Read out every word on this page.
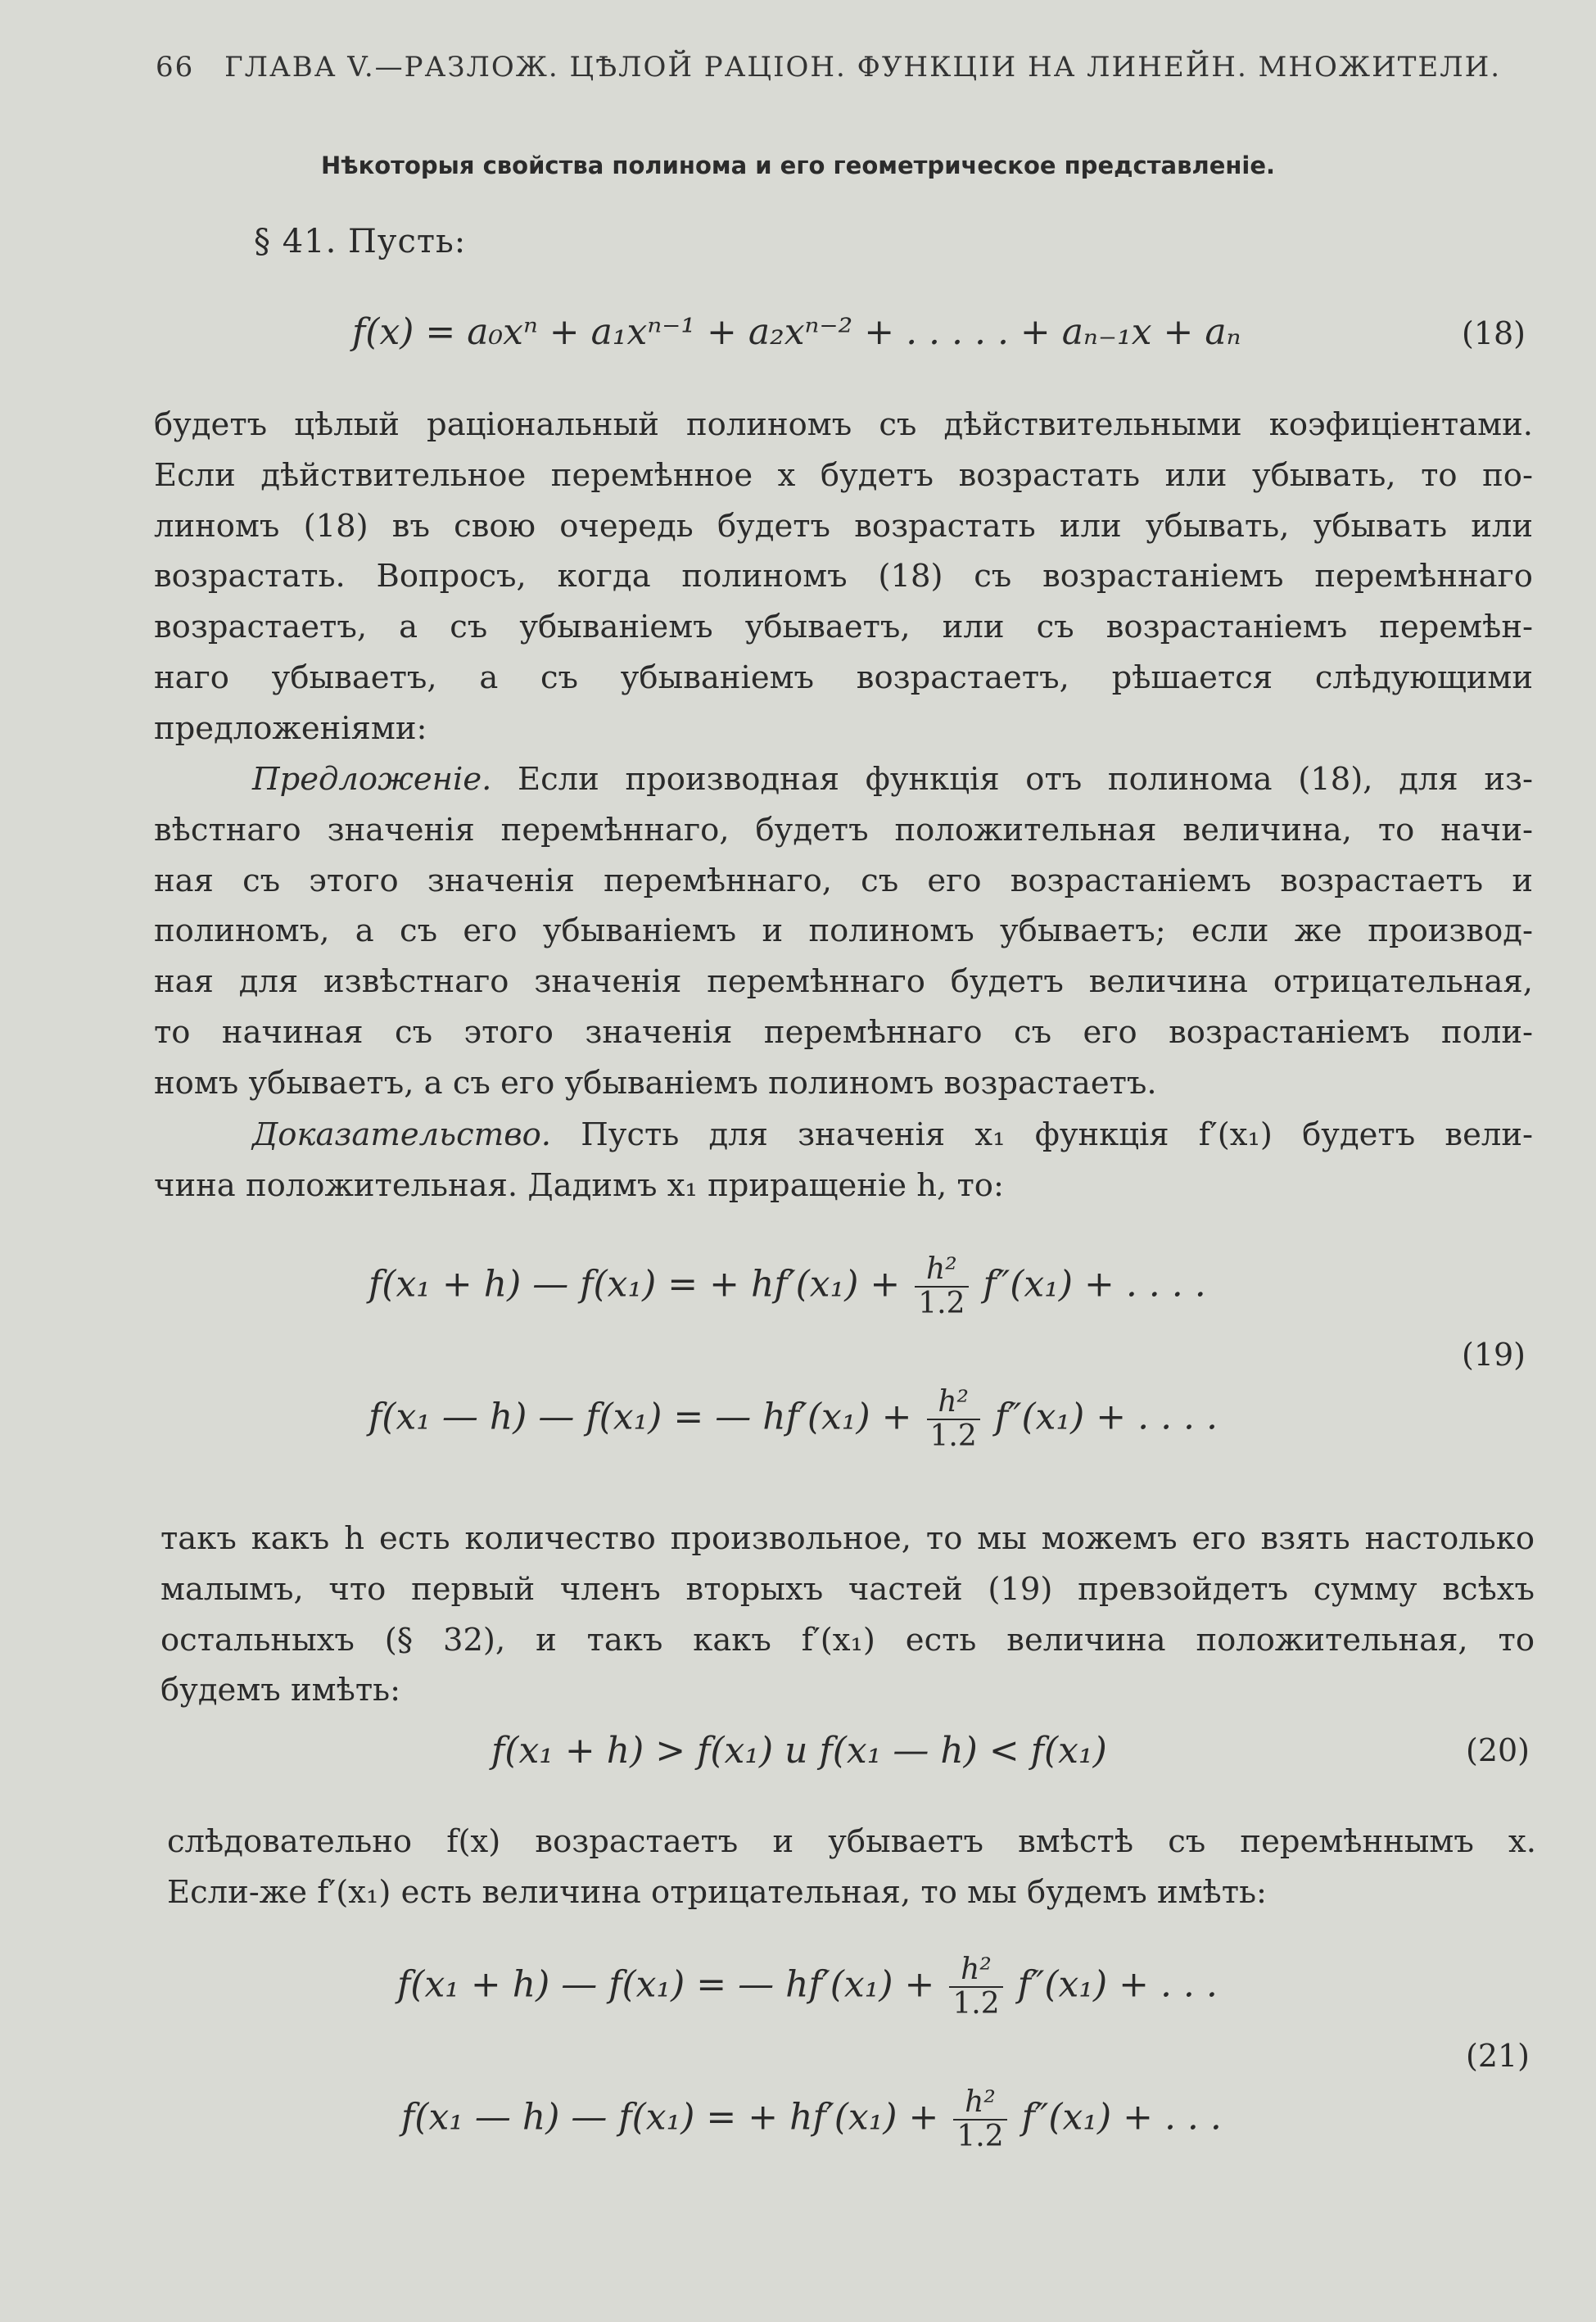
66 ГЛАВА V.—РАЗЛОЖ. ЦѢЛОЙ РАЦІОН. ФУНКЦІИ НА ЛИНЕЙН. МНОЖИТЕЛИ.
Нѣкоторыя свойства полинома и его геометрическое представленіе.
§ 41. Пусть:
f(x) = a₀xⁿ + a₁xⁿ⁻¹ + a₂xⁿ⁻² + . . . . . + aₙ₋₁x + aₙ	(18)
будетъ цѣлый раціональный полиномъ съ дѣйствительными коэфиціентами.
Если дѣйствительное перемѣнное x будетъ возрастать или убывать, то по-
линомъ (18) въ свою очередь будетъ возрастать или убывать, убывать или
возрастать. Вопросъ, когда полиномъ (18) съ возрастаніемъ перемѣннаго
возрастаетъ, а съ убываніемъ убываетъ, или съ возрастаніемъ перемѣн-
наго убываетъ, а съ убываніемъ возрастаетъ, рѣшается слѣдующими
предложеніями:
Предложеніе. Если производная функція отъ полинома (18), для из-
вѣстнаго значенія перемѣннаго, будетъ положительная величина, то начи-
ная съ этого значенія перемѣннаго, съ его возрастаніемъ возрастаетъ и
полиномъ, а съ его убываніемъ и полиномъ убываетъ; если же производ-
ная для извѣстнаго значенія перемѣннаго будетъ величина отрицательная,
то начиная съ этого значенія перемѣннаго съ его возрастаніемъ поли-
номъ убываетъ, а съ его убываніемъ полиномъ возрастаетъ.
Доказательство. Пусть для значенія x₁ функція f′(x₁) будетъ вели-
чина положительная. Дадимъ x₁ приращеніе h, то:
f(x₁ + h) — f(x₁) = + $hf'(x_1) + \frac{\text{h²}}{1.2} f''(x_1)$ + . . . .
(19)
f(x₁ — h) — f(x₁) = — $hf'(x_1) + \frac{\text{h²}}{1.2} f''(x_1)$ + . . . .
такъ какъ h есть количество произвольное, то мы можемъ его взять настолько
малымъ, что первый членъ вторыхъ частей (19) превзойдетъ сумму всѣхъ
остальныхъ (§ 32), и такъ какъ f′(x₁) есть величина положительная, то
будемъ имѣть:
f(x₁ + h) > f(x₁) и f(x₁ — h) < f(x₁)	(20)
слѣдовательно f(x) возрастаетъ и убываетъ вмѣстѣ съ перемѣннымъ x.
Если-же f′(x₁) есть величина отрицательная, то мы будемъ имѣть:
f(x₁ + h) — f(x₁) = — $hf'(x_1) + \frac{\text{h²}}{1.2} f''(x_1)$ + . . .
(21)
f(x₁ — h) — f(x₁) = + $hf'(x_1) + \frac{\text{h²}}{1.2} f''(x_1)$ + . . .
